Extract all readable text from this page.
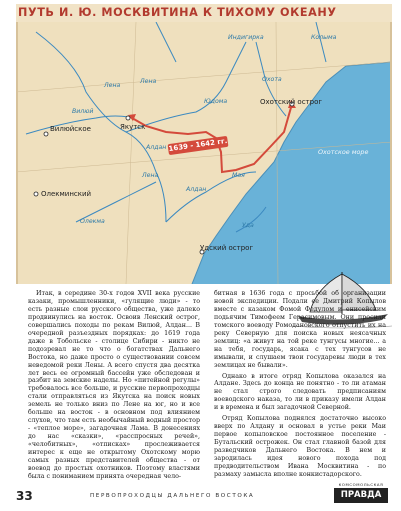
ПУТЬ И. Ю. МОСКВИТИНА К ТИХОМУ ОКЕАНУ
Вилюйское	Якутск
Олекминский
Охотский острог
Удский острог
Лена
Лена
Вилюй
Лена
Алдан
Мая
Юдома
Индигирка	Колыма
Охота
Уда
Олекма
Алдан
Охотское море
1639 - 1642 гг.

Итак, в середине 30-х годов XVII века русские казаки, промышленники, «гулящие люди» - то есть разные слои русского общества, уже далеко продвинулись на восток. Освоив Ленский острог, совершались походы по рекам Вилюй, Алдан... В очередной разъездных порядках: до 1619 года даже в Тобольске - столице Сибири - никто не подозревал не то что о богатствах Дальнего Востока, но даже просто о существовании совсем неведомой реки Лены. А всего спустя два десятка лет весь ее огромный бассейн уже обследован и разбит на земские наделы. Но «питейной регулы» требовалось все больше, и русские первопроходцы стали отправляться из Якутска на поиск новых земель не только вниз по Лене на юг, но и все больше на восток - в основном под влиянием слухов, что там есть необычайный водный простор - «теплое море», загадочная Лама. В донесениях до нас «сказки», «расспросных речей», «челобитных», «отписках» прослеживается интерес к еще не открытому Охотскому морю самых разных представителей общества - от воевод до простых охотников. Поэтому властями была с пониманием принята очередная чело-

битная в 1636 года с просьбой об организации новой экспедиции. Подали ее Дмитрий Копылов вместе с казаком Фомой Федулом и енисейским подьячим Тимофеем Герасимовым. Они просили томского воеводу Ромодановского отпустить их на реку Северную для поиска новых неясачных землиц: «а живут на той реке тунгусы многие... а на тебя, государь, ясака с тех тунгусов не имывали, и слушаем твои государевы люди в тех землицах не бывали».

Однако в итоге отряд Копылова оказался на Алдане. Здесь до конца не понятно - то ли атаман не стал строго следовать предписаниям воеводского наказа, то ли в приказу имели Алдан и в времена и был загадочной Северной.

Отряд Копылова поднялся достаточно высоко вверх по Алдану и основал в устье реки Маи первое копыловское постоянное поселение - Бутальский острожек. Он стал главной базой для разведчиков Дальнего Востока. В нем и зародилась идея нового похода под предводительством Ивана Москвитина - по размаху замысла вполне конкистадорского.

33	ПЕРВОПРОХОДЦЫ ДАЛЬНЕГО ВОСТОКА
КОМСОМОЛЬСКАЯ
ПРАВДА
